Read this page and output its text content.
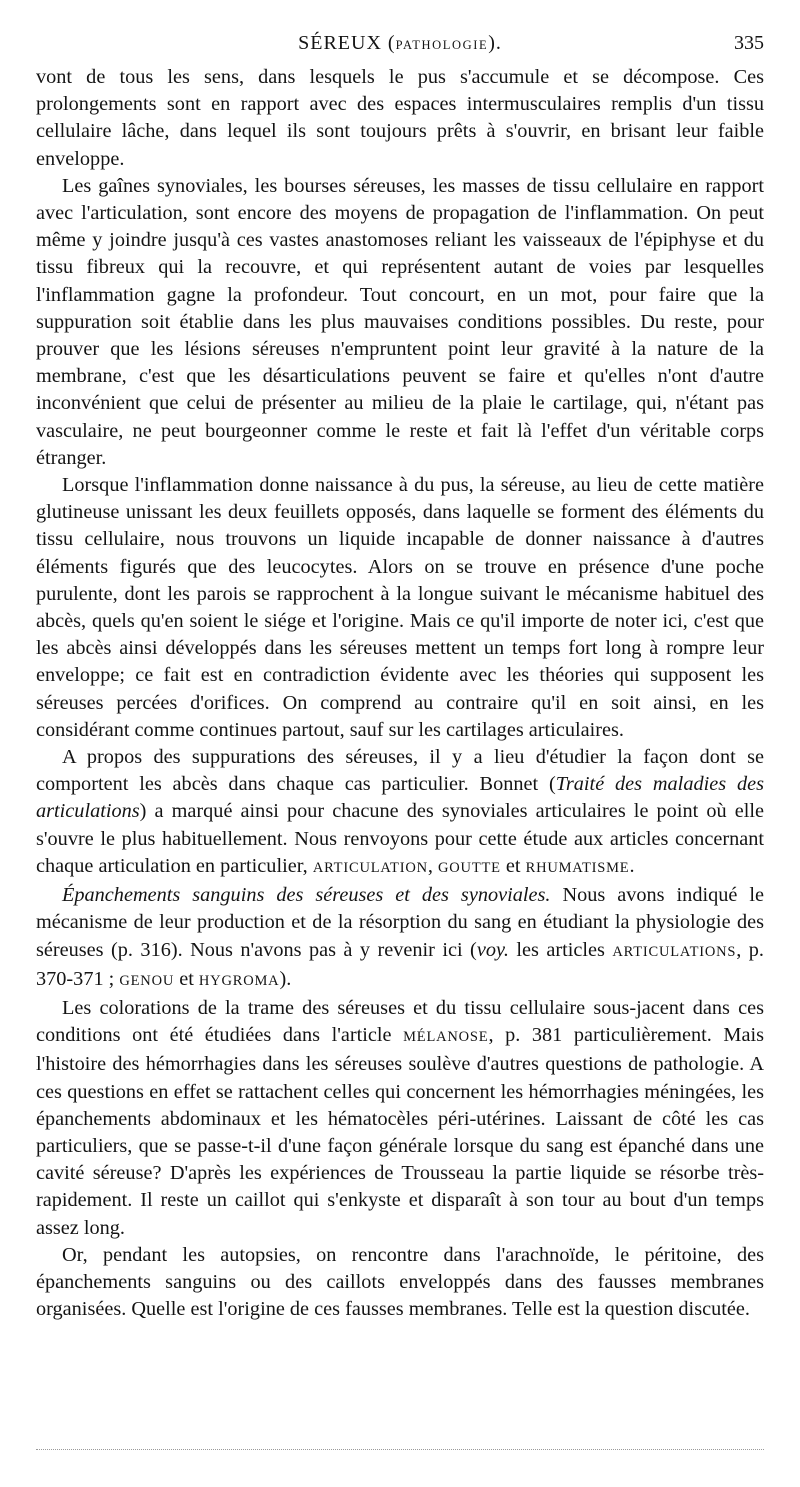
SÉREUX (PATHOLOGIE).	335

vont de tous les sens, dans lesquels le pus s'accumule et se décompose. Ces prolongements sont en rapport avec des espaces intermusculaires remplis d'un tissu cellulaire lâche, dans lequel ils sont toujours prêts à s'ouvrir, en brisant leur faible enveloppe.

Les gaînes synoviales, les bourses séreuses, les masses de tissu cellulaire en rapport avec l'articulation, sont encore des moyens de propagation de l'inflammation. On peut même y joindre jusqu'à ces vastes anastomoses reliant les vaisseaux de l'épiphyse et du tissu fibreux qui la recouvre, et qui représentent autant de voies par lesquelles l'inflammation gagne la profondeur. Tout concourt, en un mot, pour faire que la suppuration soit établie dans les plus mauvaises conditions possibles. Du reste, pour prouver que les lésions séreuses n'empruntent point leur gravité à la nature de la membrane, c'est que les désarticulations peuvent se faire et qu'elles n'ont d'autre inconvénient que celui de présenter au milieu de la plaie le cartilage, qui, n'étant pas vasculaire, ne peut bourgeonner comme le reste et fait là l'effet d'un véritable corps étranger.

Lorsque l'inflammation donne naissance à du pus, la séreuse, au lieu de cette matière glutineuse unissant les deux feuillets opposés, dans laquelle se forment des éléments du tissu cellulaire, nous trouvons un liquide incapable de donner naissance à d'autres éléments figurés que des leucocytes. Alors on se trouve en présence d'une poche purulente, dont les parois se rapprochent à la longue suivant le mécanisme habituel des abcès, quels qu'en soient le siége et l'origine. Mais ce qu'il importe de noter ici, c'est que les abcès ainsi développés dans les séreuses mettent un temps fort long à rompre leur enveloppe; ce fait est en contradiction évidente avec les théories qui supposent les séreuses percées d'orifices. On comprend au contraire qu'il en soit ainsi, en les considérant comme continues partout, sauf sur les cartilages articulaires.

A propos des suppurations des séreuses, il y a lieu d'étudier la façon dont se comportent les abcès dans chaque cas particulier. Bonnet (Traité des maladies des articulations) a marqué ainsi pour chacune des synoviales articulaires le point où elle s'ouvre le plus habituellement. Nous renvoyons pour cette étude aux articles concernant chaque articulation en particulier, ARTICULATION, GOUTTE et RHUMATISME.

Épanchements sanguins des séreuses et des synoviales. Nous avons indiqué le mécanisme de leur production et de la résorption du sang en étudiant la physiologie des séreuses (p. 316). Nous n'avons pas à y revenir ici (voy. les articles ARTICULATIONS, p. 370-371 ; GENOU et HYGROMA).

Les colorations de la trame des séreuses et du tissu cellulaire sous-jacent dans ces conditions ont été étudiées dans l'article MÉLANOSE, p. 381 particulièrement. Mais l'histoire des hémorrhagies dans les séreuses soulève d'autres questions de pathologie. A ces questions en effet se rattachent celles qui concernent les hémorrhagies méningées, les épanchements abdominaux et les hématocèles péri-utérines. Laissant de côté les cas particuliers, que se passe-t-il d'une façon générale lorsque du sang est épanché dans une cavité séreuse? D'après les expériences de Trousseau la partie liquide se résorbe très-rapidement. Il reste un caillot qui s'enkyste et disparaît à son tour au bout d'un temps assez long.

Or, pendant les autopsies, on rencontre dans l'arachnoïde, le péritoine, des épanchements sanguins ou des caillots enveloppés dans des fausses membranes organisées. Quelle est l'origine de ces fausses membranes. Telle est la question discutée.
